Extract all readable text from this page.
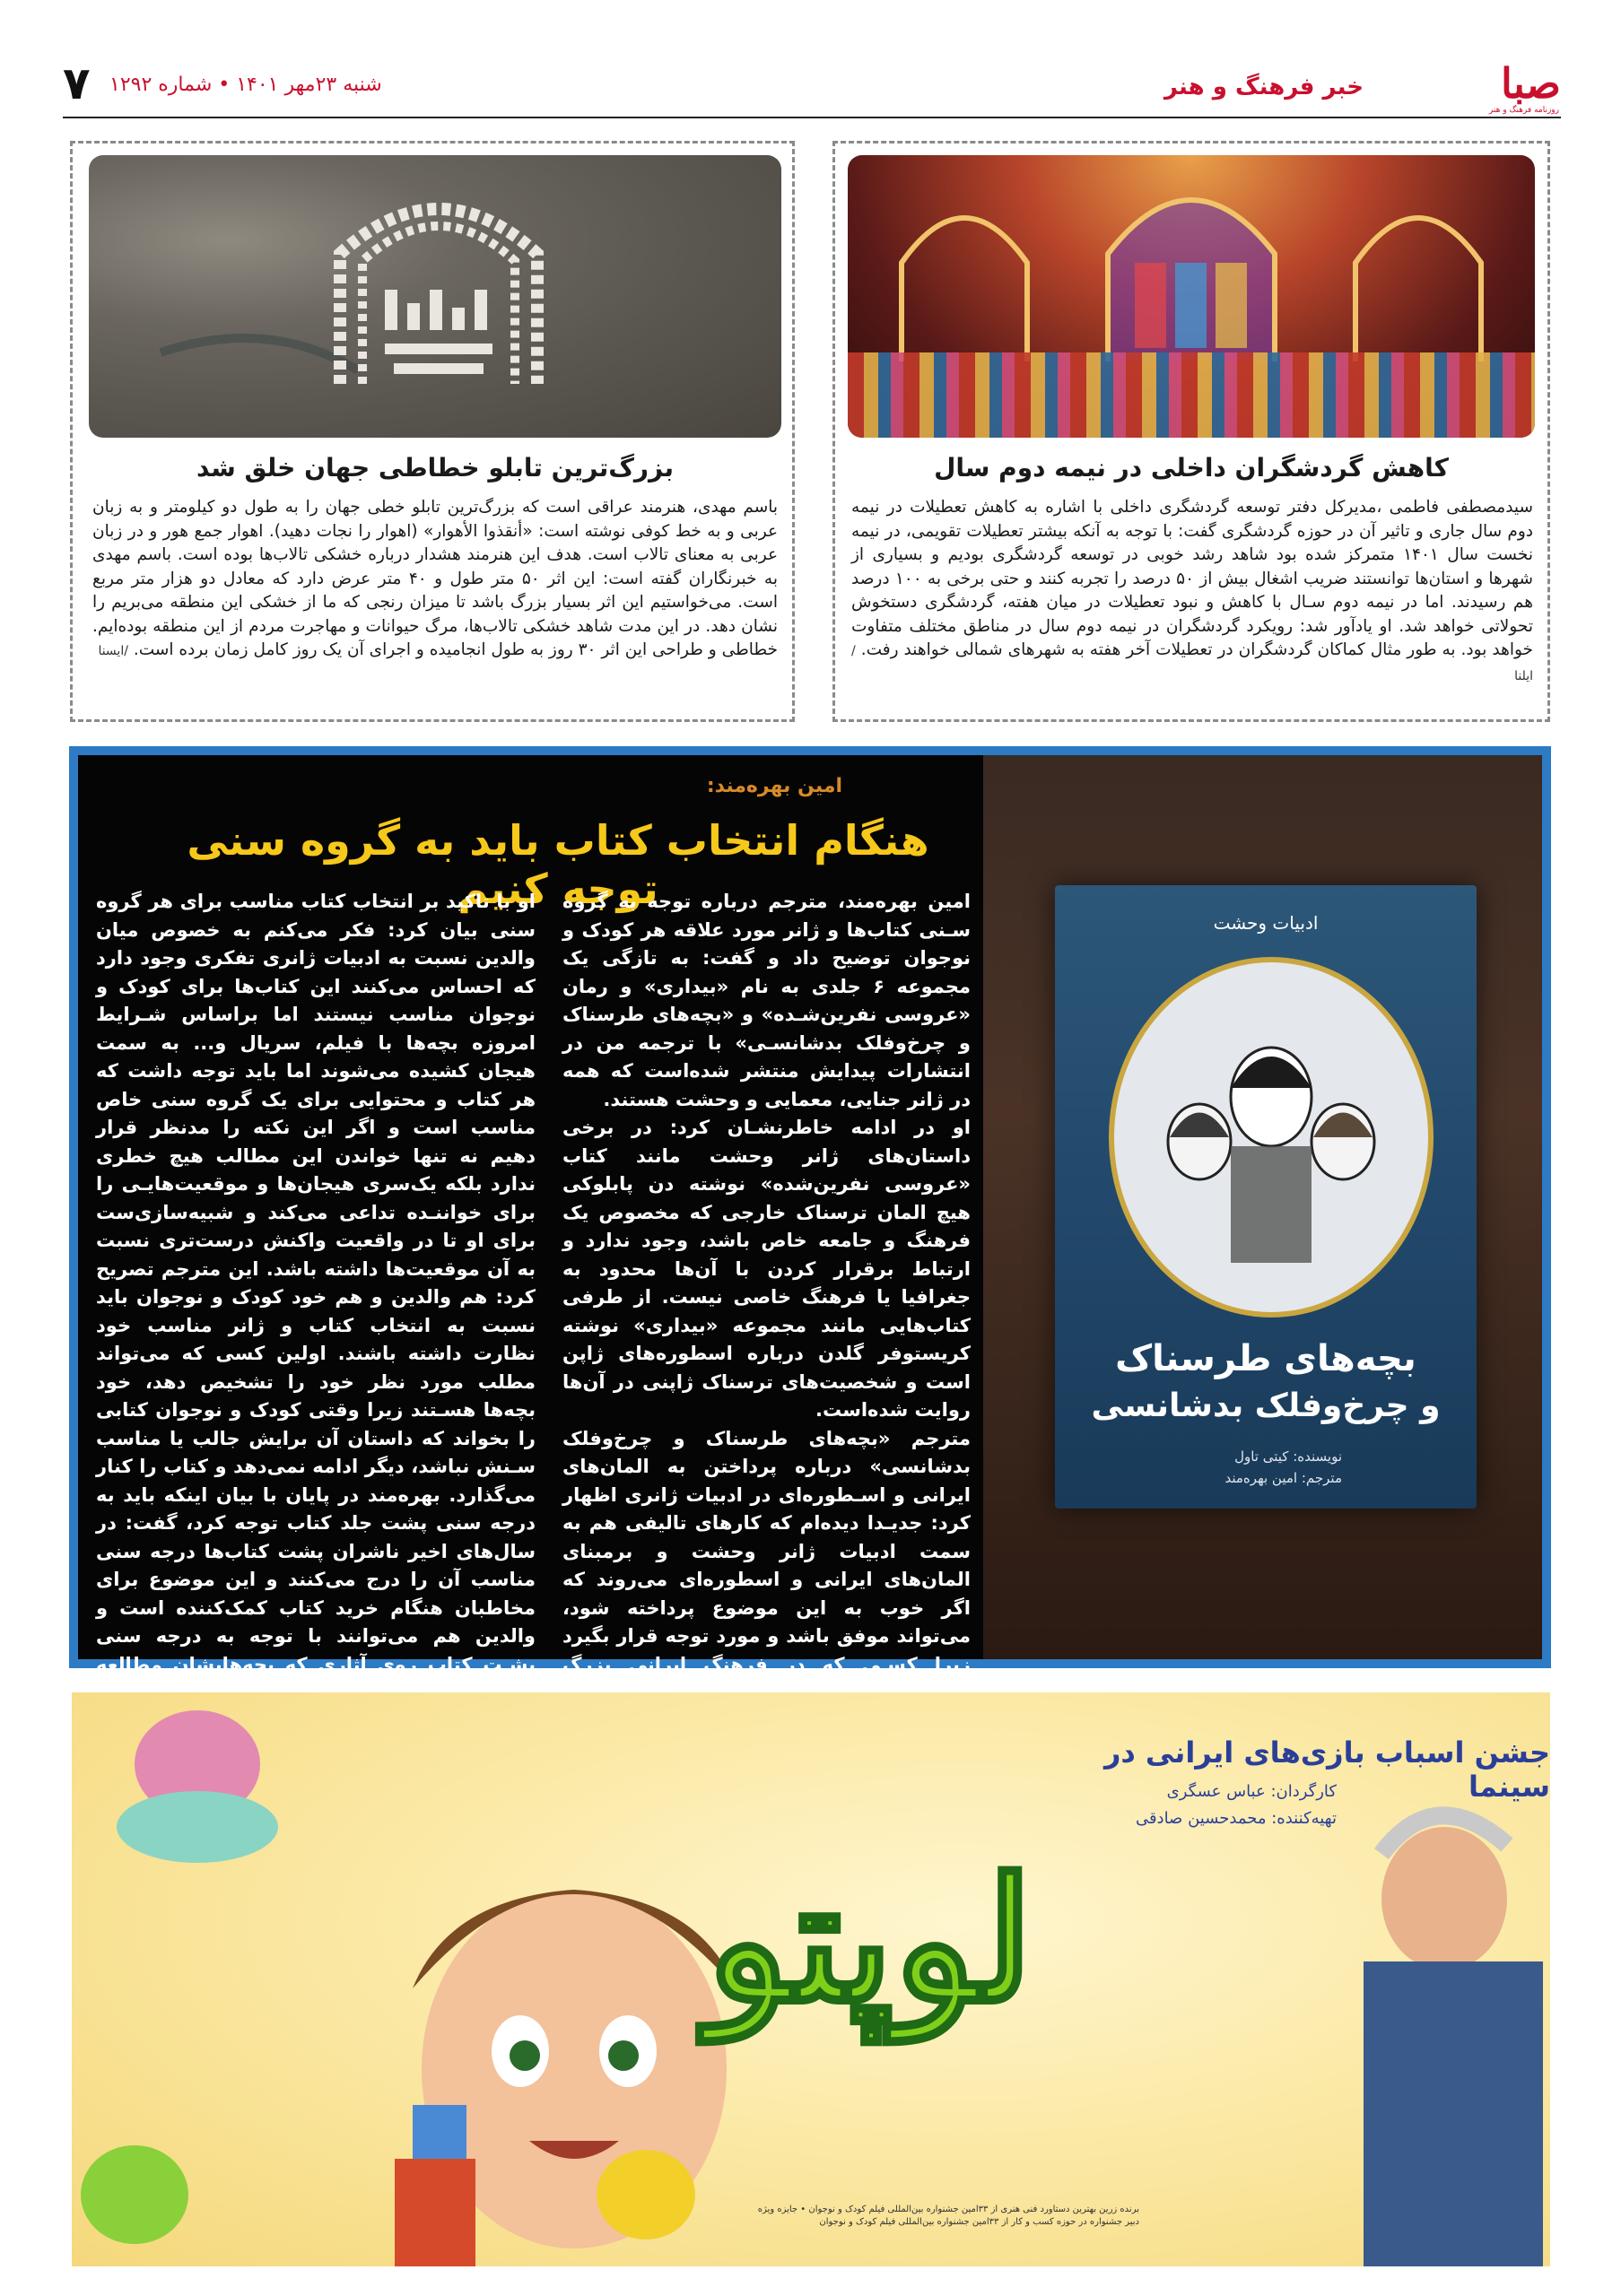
صبا
روزنامه فرهنگ و هنر
خبر فرهنگ و هنر
شنبه ۲۳مهر ۱۴۰۱ • شماره ۱۲۹۲
۷
کاهش گردشگران داخلی در نیمه دوم سال
سیدمصطفی فاطمی ،مدیرکل دفتر توسعه گردشگری داخلی با اشاره به کاهش تعطیلات در نیمه دوم سال جاری و تاثیر آن در حوزه گردشگری گفت: با توجه به آنکه بیشتر تعطیلات تقویمی، در نیمه نخست سال ۱۴۰۱ متمرکز شده بود شاهد رشد خوبی در توسعه گردشگری بودیم و بسیاری از شهرها و استان‌ها توانستند ضریب اشغال بیش از ۵۰ درصد را تجربه کنند و حتی برخی به ۱۰۰ درصد هم رسیدند. اما در نیمه دوم سـال با کاهش و نبود تعطیلات در میان هفته، گردشگری دستخوش تحولاتی خواهد شد. او یادآور شد: رویکرد گردشگران در نیمه دوم سال در مناطق مختلف متفاوت خواهد بود. به طور مثال کماکان گردشگران در تعطیلات آخر هفته به شهرهای شمالی خواهند رفت. /ایلنا
بزرگ‌ترین تابلو خطاطی جهان خلق شد
باسم مهدی، هنرمند عراقی است که بزرگ‌ترین تابلو خطی جهان را به طول دو کیلومتر و به زبان عربی و به خط کوفی نوشته است: «أنقذوا الأهوار» (اهوار را نجات دهید). اهوار جمع هور و در زبان عربی به معنای تالاب است. هدف این هنرمند هشدار درباره خشکی تالاب‌ها بوده است. باسم مهدی به خبرنگاران گفته است: این اثر ۵۰ متر طول و ۴۰ متر عرض دارد که معادل دو هزار متر مربع است. می‌خواستیم این اثر بسیار بزرگ باشد تا میزان رنجی که ما از خشکی این منطقه می‌بریم را نشان دهد. در این مدت شاهد خشکی تالاب‌ها، مرگ حیوانات و مهاجرت مردم از این منطقه بوده‌ایم. خطاطی و طراحی این اثر ۳۰ روز به طول انجامیده و اجرای آن یک روز کامل زمان برده است. /ایسنا
ادبیات وحشت
بچه‌های طرسناک
و چرخ‌وفلک بدشانسی
نویسنده: کیتی تاول
مترجم: امین بهره‌مند
امین بهره‌مند:
هنگام انتخاب کتاب باید به گروه سنی توجه کنیم	امین بهره‌مند، مترجم درباره توجه به گروه سـنی کتاب‌ها و ژانر مورد علاقه هر کودک و نوجوان توضیح داد و گفت: به تازگی یک مجموعه ۶ جلدی به نام «بیداری» و رمان «عروسی نفرین‌شـده» و «بچه‌های طرسناک و چرخ‌وفلک بدشانسـی» با ترجمه من در انتشارات پیدایش منتشر شده‌است که همه در ژانر جنایی، معمایی و وحشت هستند.
او در ادامه خاطرنشـان کرد: در برخی داستان‌های ژانر وحشت مانند کتاب «عروسی نفرین‌شده» نوشته دن پابلوکی هیچ المان ترسناک خارجی که مخصوص یک فرهنگ و جامعه خاص باشد، وجود ندارد و ارتباط برقرار کردن با آن‌ها محدود به جغرافیا یا فرهنگ خاصی نیست. از طرفی کتاب‌هایی مانند مجموعه «بیداری» نوشته کریستوفر گلدن درباره اسطوره‌های ژاپن است و شخصیت‌های ترسناک ژاپنی در آن‌ها روایت شده‌است.
مترجم «بچه‌های طرسناک و چرخ‌وفلک بدشانسی» درباره پرداختن به المان‌های ایرانی و اسـطوره‌ای در ادبیات ژانری اظهار کرد: جدیـدا دیده‌ام که کارهای تالیفی هم به سمت ادبیات ژانر وحشت و برمبنای المان‌های ایرانی و اسطوره‌ای می‌روند که اگر خوب به این موضوع پرداخته شود، می‌تواند موفق باشد و مورد توجه قرار بگیرد زیرا کسـی که در فرهنگ ایرانی بزرگ
او با تاکید بر انتخاب کتاب مناسب برای هر گروه سنی بیان کرد: فکر می‌کنم به خصوص میان والدین نسبت به ادبیات ژانری تفکری وجود دارد که احساس می‌کنند این کتاب‌ها برای کودک و نوجوان مناسب نیستند اما براساس شـرایط امروزه بچه‌ها با فیلم، سریال و... به سمت هیجان کشیده می‌شوند اما باید توجه داشت که هر کتاب و محتوایی برای یک گروه سنی خاص مناسب است و اگر این نکته را مدنظر قرار دهیم نه تنها خواندن این مطالب هیچ خطری ندارد بلکه یک‌سری هیجان‌ها و موقعیت‌هایـی را برای خواننـده تداعی می‌کند و شبیه‌سازی‌ست برای او تا در واقعیت واکنش درست‌تری نسبت به آن موقعیت‌ها داشته باشد. این مترجم تصریح کرد: هم والدین و هم خود کودک و نوجوان باید نسبت به انتخاب کتاب و ژانر مناسب خود نظارت داشته باشند. اولین کسی که می‌تواند مطلب مورد نظر خود را تشخیص دهد، خود بچه‌ها هسـتند زیرا وقتی کودک و نوجوان کتابی را بخواند که داستان آن برایش جالب یا مناسب سـنش نباشد، دیگر ادامه نمی‌دهد و کتاب را کنار می‌گذارد. بهره‌مند در پایان با بیان اینکه باید به درجه سنی پشت جلد کتاب توجه کرد، گفت: در سال‌های اخیر ناشران پشت کتاب‌ها درجه سنی مناسب آن را درج می‌کنند و این موضوع برای مخاطبان هنگام خرید کتاب کمک‌کننده است و والدین هم می‌توانند با توجه به درجه سنی پشـت کتاب روی آثاری که بچه‌هایشان مطالعه
لوپتو
جشن اسباب بازی‌های ایرانی در سینما
کارگردان: عباس عسگری
تهیه‌کننده: محمدحسین صادقی
برنده زرین بهترین دستاورد فنی هنری از ۳۳امین جشنواره بین‌المللی فیلم کودک و نوجوان • جایزه ویژه دبیر جشنواره در حوزه کسب و کار از ۳۳امین جشنواره بین‌المللی فیلم کودک و نوجوان
